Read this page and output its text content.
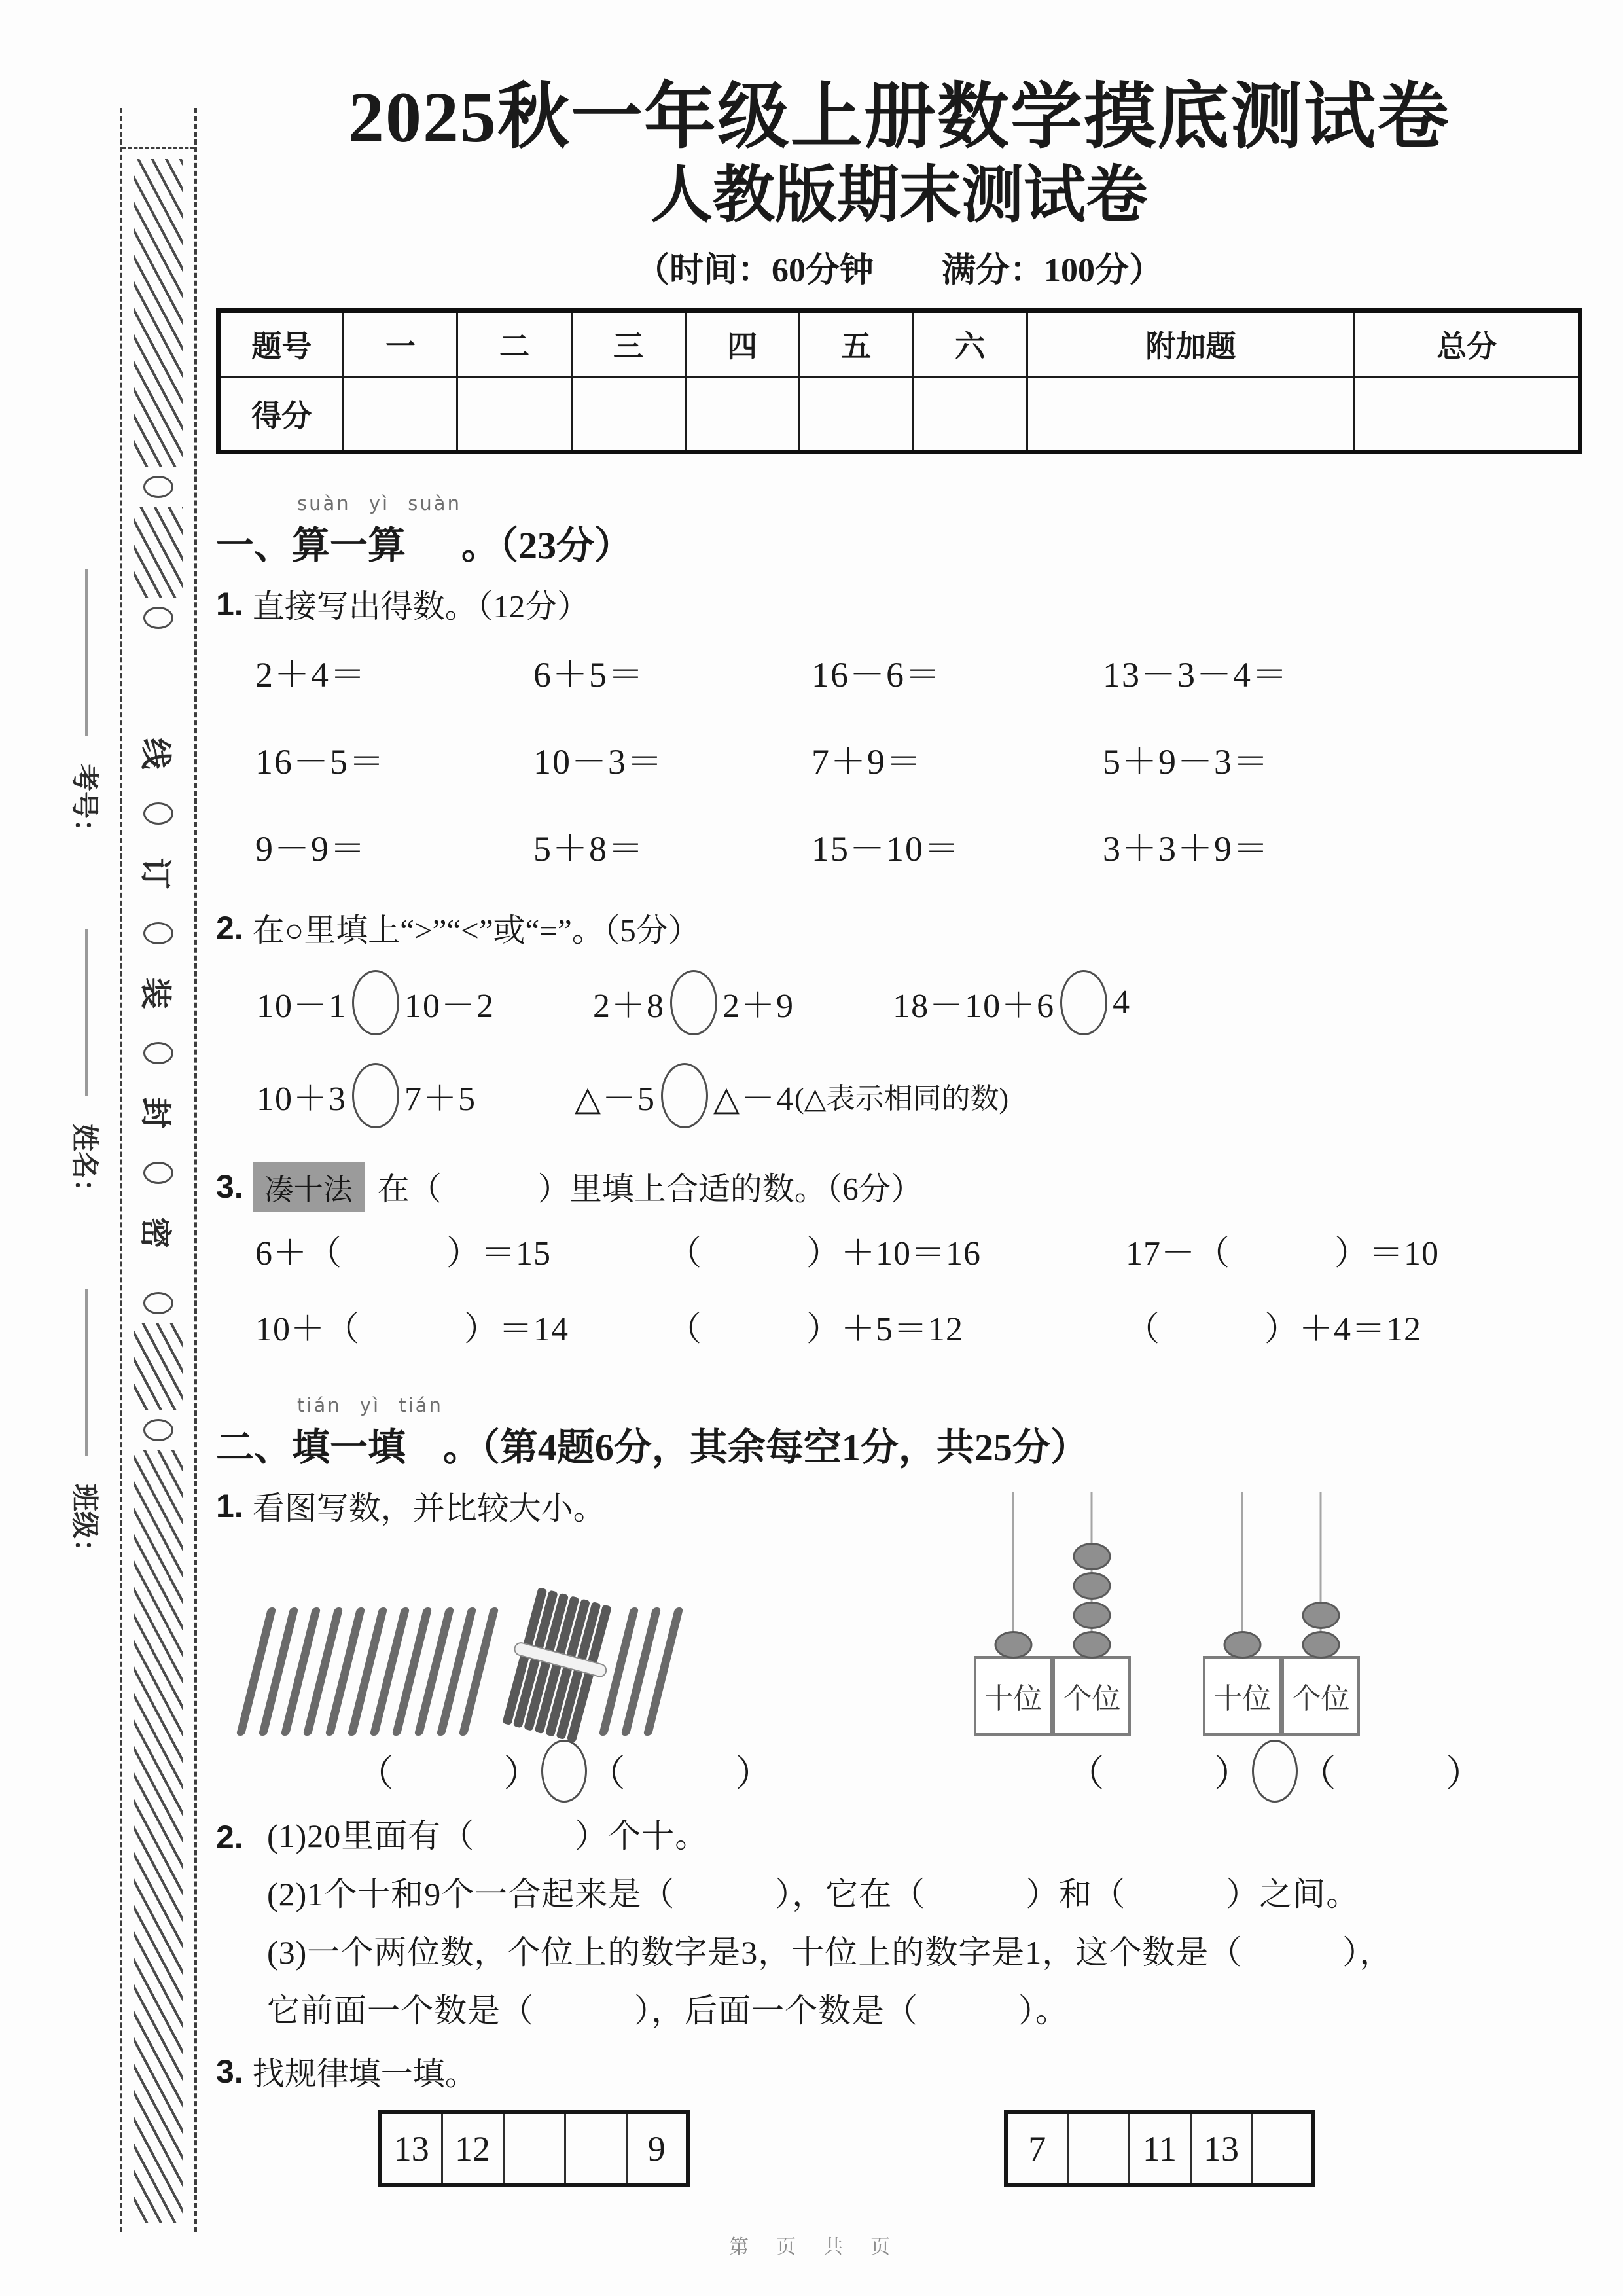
考号：
姓名：
班级：
线
订
装
封
密
2025秋一年级上册数学摸底测试卷
人教版期末测试卷
（时间：60分钟　　满分：100分）
题号	一	二	三	四	五	六	附加题	总分
得分								
一、
suàn yì suàn
算一算 。（23分）
1. 直接写出得数。（12分）
2＋4＝	6＋5＝	16－6＝	13－3－4＝
16－5＝	10－3＝	7＋9＝	5＋9－3＝
9－9＝	5＋8＝	15－10＝	3＋3＋9＝
2. 在○里填上“>”“<”或“=”。（5分）
10－1 10－2	2＋8 2＋9	18－10＋6 4
10＋3 7＋5	△－5 △－4 (△表示相同的数)
3. 凑十法 在（　　　）里填上合适的数。（6分）
6＋（　　　）＝15	（　　　）＋10＝16	17－（　　　）＝10
10＋（　　　）＝14	（　　　）＋5＝12	（　　　）＋4＝12
二、
tián yì tián
填一填 。（第4题6分，其余每空1分，共25分）
1. 看图写数，并比较大小。
（　　　） （　　　）
十位 个位	十位 个位
（　　　） （　　　）
2. (1)20里面有（　　　）个十。
(2)1个十和9个一合起来是（　　　），它在（　　　）和（　　　）之间。
(3)一个两位数，个位上的数字是3，十位上的数字是1，这个数是（　　　），
它前面一个数是（　　　），后面一个数是（　　　）。
3. 找规律填一填。
13	12			9	7		11	13	
第　页　共　页
